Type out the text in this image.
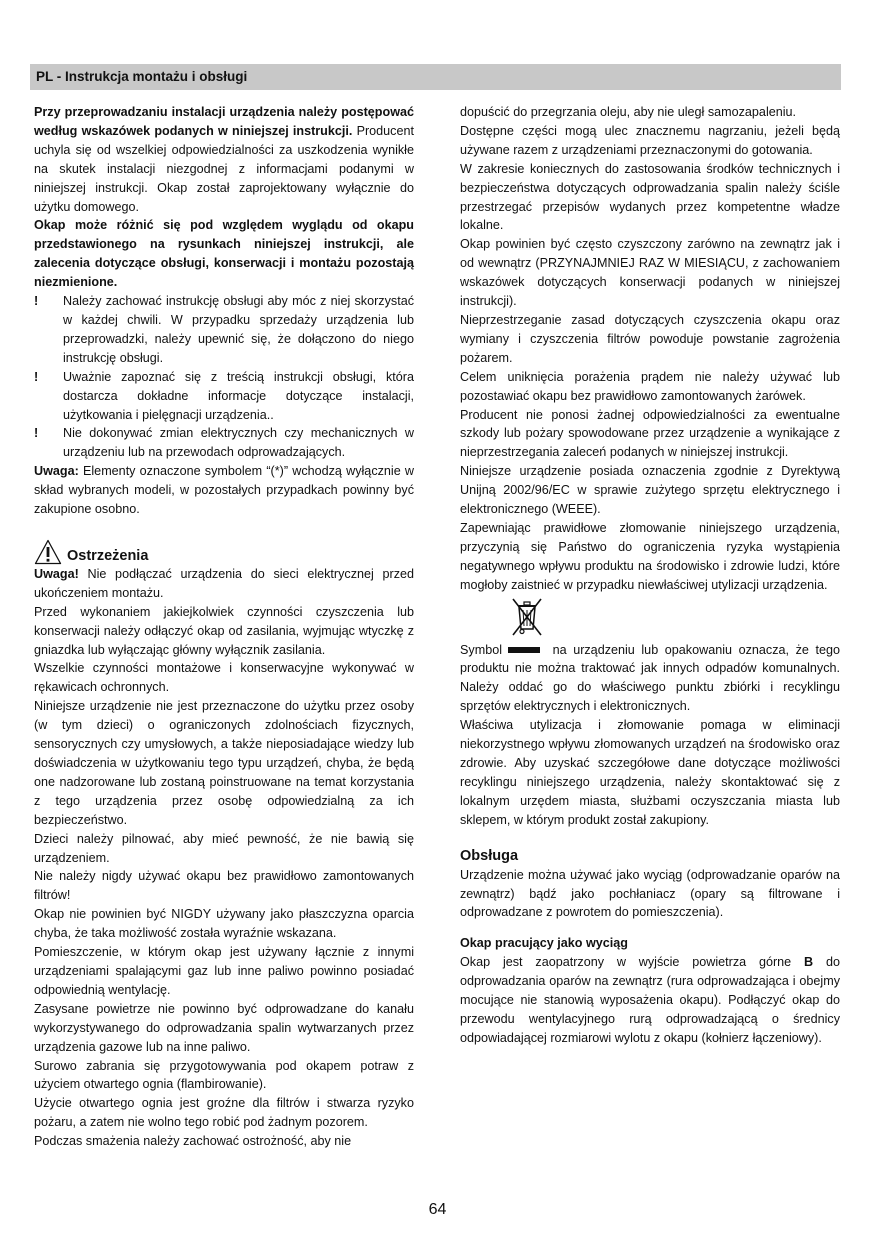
PL - Instrukcja montażu i obsługi

Przy przeprowadzaniu instalacji urządzenia należy postępować według wskazówek podanych w niniejszej instrukcji. Producent uchyla się od wszelkiej odpowiedzialności za uszkodzenia wynikłe na skutek instalacji niezgodnej z informacjami podanymi w niniejszej instrukcji. Okap został zaprojektowany wyłącznie do użytku domowego.

Okap może różnić się pod względem wyglądu od okapu przedstawionego na rysunkach niniejszej instrukcji, ale zalecenia dotyczące obsługi, konserwacji i montażu pozostają niezmienione.

! Należy zachować instrukcję obsługi aby móc z niej skorzystać w każdej chwili. W przypadku sprzedaży urządzenia lub przeprowadzki, należy upewnić się, że dołączono do niego instrukcję obsługi.
! Uważnie zapoznać się z treścią instrukcji obsługi, która dostarcza dokładne informacje dotyczące instalacji, użytkowania i pielęgnacji urządzenia..
! Nie dokonywać zmian elektrycznych czy mechanicznych w urządzeniu lub na przewodach odprowadzających.

Uwaga: Elementy oznaczone symbolem “(*)” wchodzą wyłącznie w skład wybranych modeli, w pozostałych przypadkach powinny być zakupione osobno.

Ostrzeżenia

Uwaga! Nie podłączać urządzenia do sieci elektrycznej przed ukończeniem montażu.

Przed wykonaniem jakiejkolwiek czynności czyszczenia lub konserwacji należy odłączyć okap od zasilania, wyjmując wtyczkę z gniazdka lub wyłączając główny wyłącznik zasilania.

Wszelkie czynności montażowe i konserwacyjne wykonywać w rękawicach ochronnych.

Niniejsze urządzenie nie jest przeznaczone do użytku przez osoby (w tym dzieci) o ograniczonych zdolnościach fizycznych, sensorycznych czy umysłowych, a także nieposiadające wiedzy lub doświadczenia w użytkowaniu tego typu urządzeń, chyba, że będą one nadzorowane lub zostaną poinstruowane na temat korzystania z tego urządzenia przez osobę odpowiedzialną za ich bezpieczeństwo.

Dzieci należy pilnować, aby mieć pewność, że nie bawią się urządzeniem.

Nie należy nigdy używać okapu bez prawidłowo zamontowanych filtrów!

Okap nie powinien być NIGDY używany jako płaszczyzna oparcia chyba, że taka możliwość została wyraźnie wskazana.

Pomieszczenie, w którym okap jest używany łącznie z innymi urządzeniami spalającymi gaz lub inne paliwo powinno posiadać odpowiednią wentylację.

Zasysane powietrze nie powinno być odprowadzane do kanału wykorzystywanego do odprowadzania spalin wytwarzanych przez urządzenia gazowe lub na inne paliwo.

Surowo zabrania się przygotowywania pod okapem potraw z użyciem otwartego ognia (flambirowanie).

Użycie otwartego ognia jest groźne dla filtrów i stwarza ryzyko pożaru, a zatem nie wolno tego robić pod żadnym pozorem.

Podczas smażenia należy zachować ostrożność, aby nie

dopuścić do przegrzania oleju, aby nie uległ samozapaleniu.

Dostępne części mogą ulec znacznemu nagrzaniu, jeżeli będą używane razem z urządzeniami przeznaczonymi do gotowania.

W zakresie koniecznych do zastosowania środków technicznych i bezpieczeństwa dotyczących odprowadzania spalin należy ściśle przestrzegać przepisów wydanych przez kompetentne władze lokalne.

Okap powinien być często czyszczony zarówno na zewnątrz jak i od wewnątrz (PRZYNAJMNIEJ RAZ W MIESIĄCU, z zachowaniem wskazówek dotyczących konserwacji podanych w niniejszej instrukcji).

Nieprzestrzeganie zasad dotyczących czyszczenia okapu oraz wymiany i czyszczenia filtrów powoduje powstanie zagrożenia pożarem.

Celem uniknięcia porażenia prądem nie należy używać lub pozostawiać okapu bez prawidłowo zamontowanych żarówek.

Producent nie ponosi żadnej odpowiedzialności za ewentualne szkody lub pożary spowodowane przez urządzenie a wynikające z nieprzestrzegania zaleceń podanych w niniejszej instrukcji.

Niniejsze urządzenie posiada oznaczenia zgodnie z Dyrektywą Unijną 2002/96/EC w sprawie zużytego sprzętu elektrycznego i elektronicznego (WEEE).

Zapewniając prawidłowe złomowanie niniejszego urządzenia, przyczynią się Państwo do ograniczenia ryzyka wystąpienia negatywnego wpływu produktu na środowisko i zdrowie ludzi, które mogłoby zaistnieć w przypadku niewłaściwej utylizacji urządzenia.

Symbol	na urządzeniu lub opakowaniu oznacza, że tego produktu nie można traktować jak innych odpadów komunalnych. Należy oddać go do właściwego punktu zbiórki i recyklingu sprzętów elektrycznych i elektronicznych.

Właściwa utylizacja i złomowanie pomaga w eliminacji niekorzystnego wpływu złomowanych urządzeń na środowisko oraz zdrowie. Aby uzyskać szczegółowe dane dotyczące możliwości recyklingu niniejszego urządzenia, należy skontaktować się z lokalnym urzędem miasta, służbami oczyszczania miasta lub sklepem, w którym produkt został zakupiony.

Obsługa

Urządzenie można używać jako wyciąg (odprowadzanie oparów na zewnątrz) bądź jako pochłaniacz (opary są filtrowane i odprowadzane z powrotem do pomieszczenia).

Okap pracujący jako wyciąg

Okap jest zaopatrzony w wyjście powietrza górne B do odprowadzania oparów na zewnątrz (rura odprowadzająca i obejmy mocujące nie stanowią wyposażenia okapu). Podłączyć okap do przewodu wentylacyjnego rurą odprowadzającą o średnicy odpowiadającej rozmiarowi wylotu z okapu (kołnierz łączeniowy).

64
